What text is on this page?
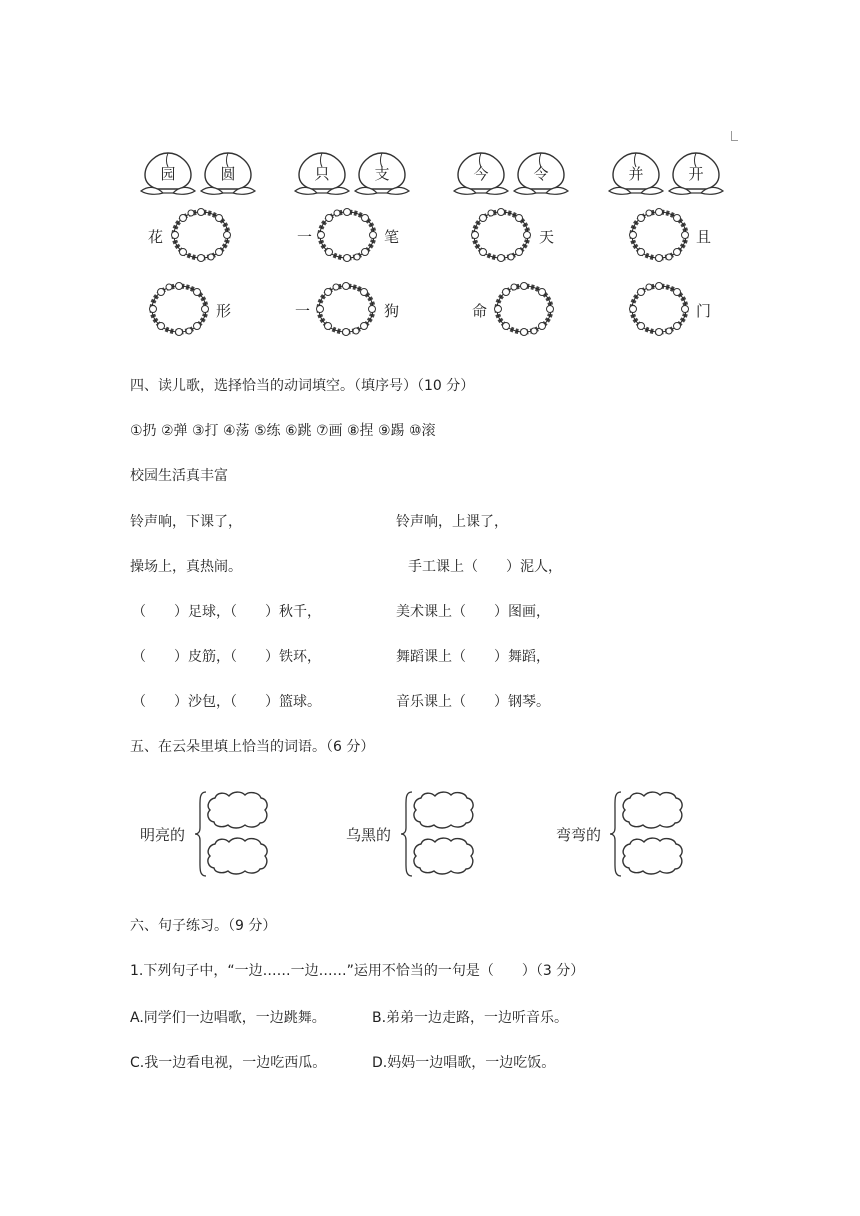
园	圆	只	支	今	令	并	开
花	一	笔	天	且
形	一	狗	命	门
四、读儿歌，选择恰当的动词填空。（填序号）（10 分）
①扔 ②弹 ③打 ④荡 ⑤练 ⑥跳 ⑦画 ⑧捏 ⑨踢 ⑩滚
校园生活真丰富
铃声响，下课了，
操场上，真热闹。
（　　）足球，（　　）秋千，
（　　）皮筋，（　　）铁环，
（　　）沙包，（　　）篮球。
铃声响，上课了，
手工课上（　　）泥人，
美术课上（　　）图画，
舞蹈课上（　　）舞蹈，
音乐课上（　　）钢琴。
五、在云朵里填上恰当的词语。（6 分）
明亮的	乌黑的	弯弯的
六、句子练习。（9 分）
1.下列句子中，“一边……一边……”运用不恰当的一句是（　　）（3 分）
A.同学们一边唱歌，一边跳舞。	B.弟弟一边走路，一边听音乐。
C.我一边看电视，一边吃西瓜。	D.妈妈一边唱歌，一边吃饭。
